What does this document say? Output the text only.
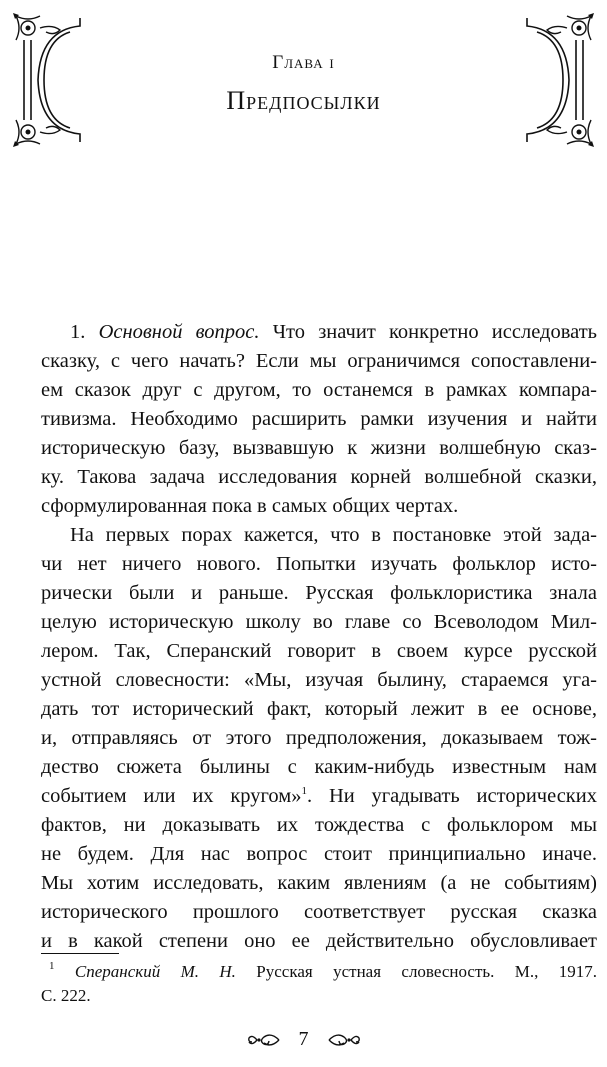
Глава i
Предпосылки
1. Основной вопрос. Что значит конкретно исследовать
сказку, с чего начать? Если мы ограничимся сопоставлени-
ем сказок друг с другом, то останемся в рамках компара-
тивизма. Необходимо расширить рамки изучения и найти
историческую базу, вызвавшую к жизни волшебную сказ-
ку. Такова задача исследования корней волшебной сказки,
сформулированная пока в самых общих чертах.
На первых порах кажется, что в постановке этой зада-
чи нет ничего нового. Попытки изучать фольклор исто-
рически были и раньше. Русская фольклористика знала
целую историческую школу во главе со Всеволодом Мил-
лером. Так, Сперанский говорит в своем курсе русской
устной словесности: «Мы, изучая былину, стараемся уга-
дать тот исторический факт, который лежит в ее основе,
и, отправляясь от этого предположения, доказываем тож-
дество сюжета былины с каким-нибудь известным нам
событием или их кругом»$^1$. Ни угадывать исторических
фактов, ни доказывать их тождества с фольклором мы
не будем. Для нас вопрос стоит принципиально иначе.
Мы хотим исследовать, каким явлениям (а не событиям)
исторического прошлого соответствует русская сказка
и в какой степени оно ее действительно обусловливает
$^1$ Сперанский М. Н. Русская устная словесность. М., 1917.
С. 222.
7
